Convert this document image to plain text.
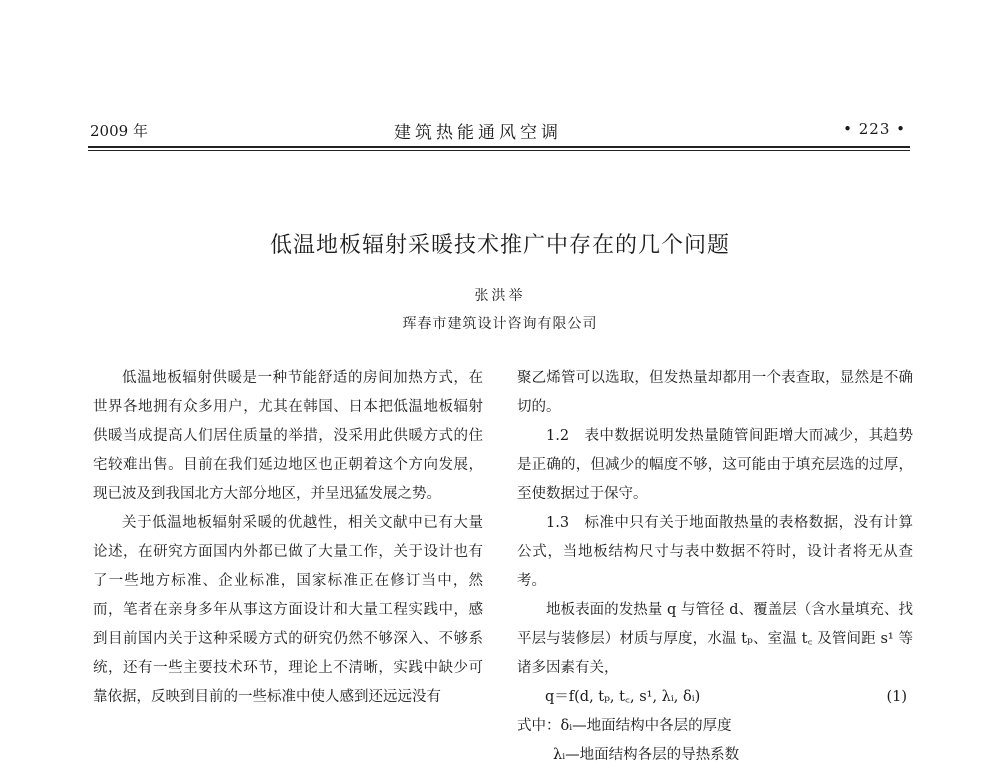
2009 年	建筑热能通风空调	• 223 •
低温地板辐射采暖技术推广中存在的几个问题
张洪举
珲春市建筑设计咨询有限公司

低温地板辐射供暖是一种节能舒适的房间加热方式，在世界各地拥有众多用户，尤其在韩国、日本把低温地板辐射供暖当成提高人们居住质量的举措，没采用此供暖方式的住宅较难出售。目前在我们延边地区也正朝着这个方向发展，现已波及到我国北方大部分地区，并呈迅猛发展之势。

关于低温地板辐射采暖的优越性，相关文献中已有大量论述，在研究方面国内外都已做了大量工作，关于设计也有了一些地方标准、企业标准，国家标准正在修订当中，然而，笔者在亲身多年从事这方面设计和大量工程实践中，感到目前国内关于这种采暖方式的研究仍然不够深入、不够系统，还有一些主要技术环节，理论上不清晰，实践中缺少可靠依据，反映到目前的一些标准中使人感到还远远没有

聚乙烯管可以选取，但发热量却都用一个表查取，显然是不确切的。

1.2　表中数据说明发热量随管间距增大而减少，其趋势是正确的，但减少的幅度不够，这可能由于填充层选的过厚，至使数据过于保守。

1.3　标准中只有关于地面散热量的表格数据，没有计算公式，当地板结构尺寸与表中数据不符时，设计者将无从查考。

地板表面的发热量 q 与管径 d、覆盖层（含水量填充、找平层与装修层）材质与厚度，水温 tₚ、室温 t꜀ 及管间距 s¹ 等诸多因素有关，

q＝f(d, tₚ, t꜀, s¹, λᵢ, δᵢ)	(1)

式中：δᵢ—地面结构中各层的厚度

λᵢ—地面结构各层的导热系数
